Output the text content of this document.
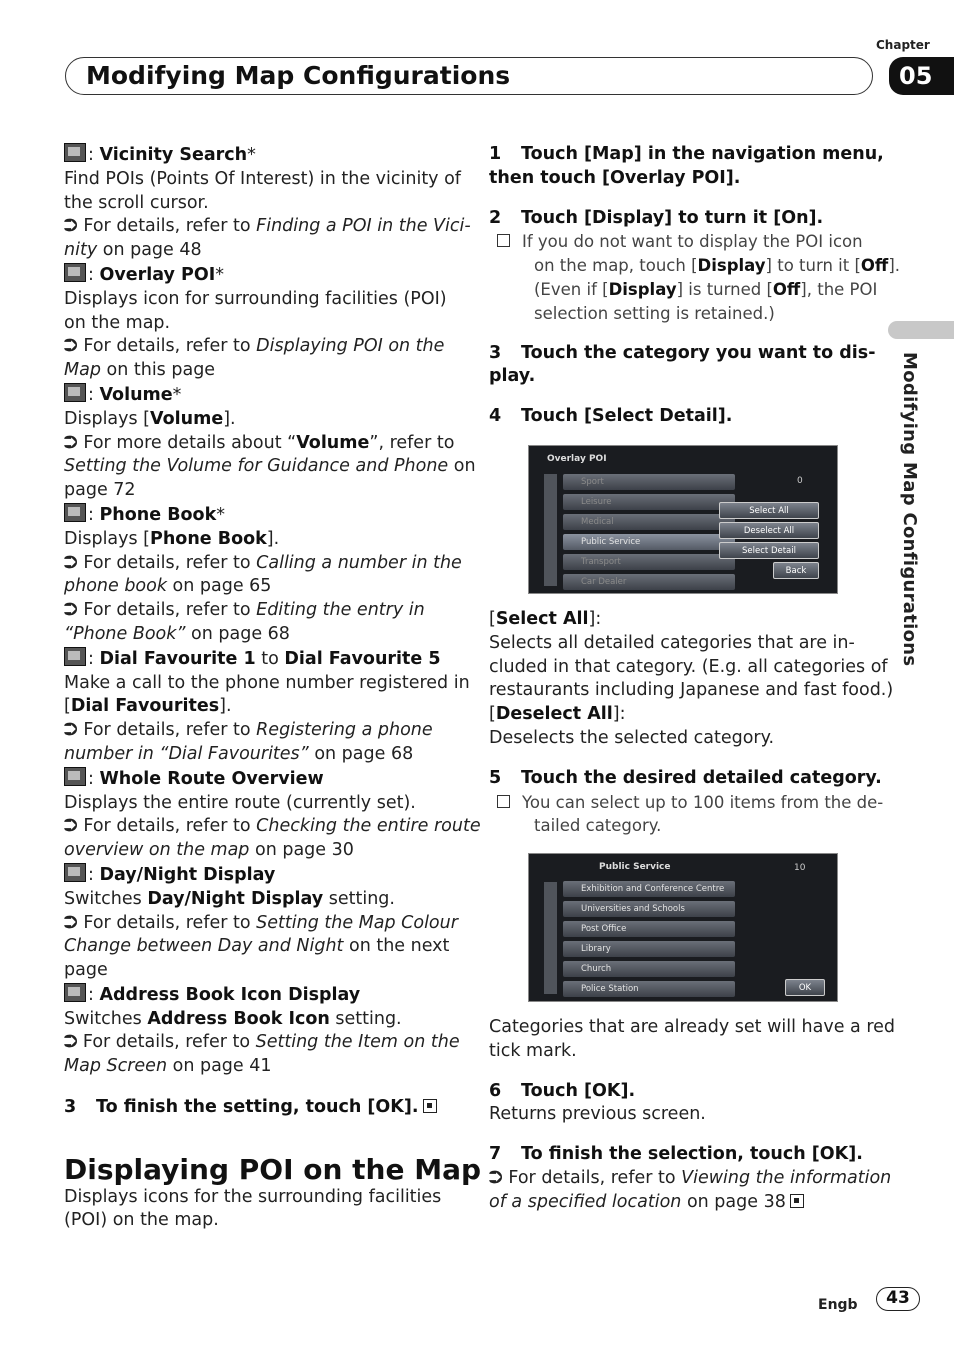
Chapter
Modifying Map Configurations	05
Modifying Map Configurations
: Vicinity Search*
Find POIs (Points Of Interest) in the vicinity of
the scroll cursor.
⮊ For details, refer to Finding a POI in the Vici-
nity on page 48
: Overlay POI*
Displays icon for surrounding facilities (POI)
on the map.
⮊ For details, refer to Displaying POI on the
Map on this page
: Volume*
Displays [Volume].
⮊ For more details about “Volume”, refer to
Setting the Volume for Guidance and Phone on
page 72
: Phone Book*
Displays [Phone Book].
⮊ For details, refer to Calling a number in the
phone book on page 65
⮊ For details, refer to Editing the entry in
“Phone Book” on page 68
: Dial Favourite 1 to Dial Favourite 5
Make a call to the phone number registered in
[Dial Favourites].
⮊ For details, refer to Registering a phone
number in “Dial Favourites” on page 68
: Whole Route Overview
Displays the entire route (currently set).
⮊ For details, refer to Checking the entire route
overview on the map on page 30
: Day/Night Display
Switches Day/Night Display setting.
⮊ For details, refer to Setting the Map Colour
Change between Day and Night on the next
page
: Address Book Icon Display
Switches Address Book Icon setting.
⮊ For details, refer to Setting the Item on the
Map Screen on page 41
3 To finish the setting, touch [OK].
Displaying POI on the Map
Displays icons for the surrounding facilities
(POI) on the map.
1 Touch [Map] in the navigation menu,
then touch [Overlay POI].
2 Touch [Display] to turn it [On].
If you do not want to display the POI icon
on the map, touch [Display] to turn it [Off].
(Even if [Display] is turned [Off], the POI
selection setting is retained.)
3 Touch the category you want to dis-
play.
4 Touch [Select Detail].
Overlay POI
Sport
Leisure
Medical
Public Service
Transport
Car Dealer
0
Select All
Deselect All
Select Detail
Back
[Select All]:
Selects all detailed categories that are in-
cluded in that category. (E.g. all categories of
restaurants including Japanese and fast food.)
[Deselect All]:
Deselects the selected category.
5 Touch the desired detailed category.
You can select up to 100 items from the de-
tailed category.
Public Service	10
Exhibition and Conference Centre
Universities and Schools
Post Office
Library
Church
Police Station	OK
Categories that are already set will have a red
tick mark.
6 Touch [OK].
Returns previous screen.
7 To finish the selection, touch [OK].
⮊ For details, refer to Viewing the information
of a specified location on page 38
Engb	43
